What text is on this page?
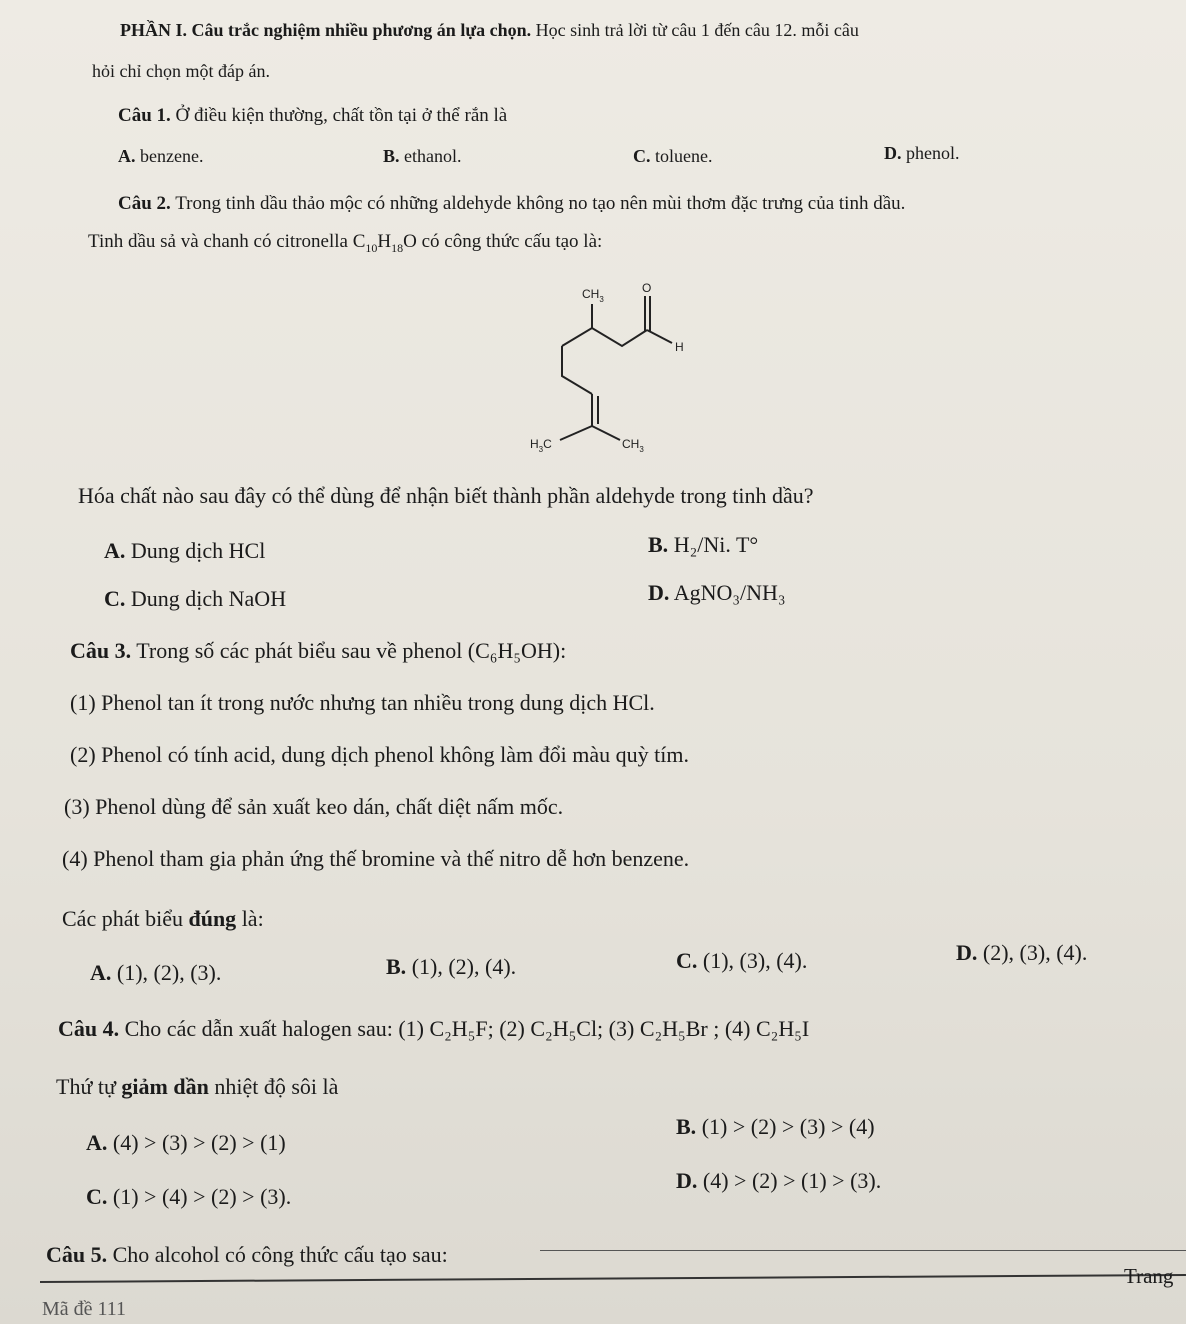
PHẦN I. Câu trắc nghiệm nhiều phương án lựa chọn. Học sinh trả lời từ câu 1 đến câu 12. mỗi câu
hỏi chỉ chọn một đáp án.
Câu 1. Ở điều kiện thường, chất tồn tại ở thể rắn là
A. benzene.	B. ethanol.	C. toluene.	D. phenol.
Câu 2. Trong tinh dầu thảo mộc có những aldehyde không no tạo nên mùi thơm đặc trưng của tinh dầu.
Tinh dầu sả và chanh có citronella $C_{10}H_{18}O$ có công thức cấu tạo là:
$CH_3$
O
H
$H_3C$	$CH_3$
Hóa chất nào sau đây có thể dùng để nhận biết thành phần aldehyde trong tinh dầu?
A. Dung dịch HCl	B. H₂/Ni. T°
C. Dung dịch NaOH	D. AgNO₃/NH₃
Câu 3. Trong số các phát biểu sau về phenol (C₆H₅OH):
(1) Phenol tan ít trong nước nhưng tan nhiều trong dung dịch HCl.
(2) Phenol có tính acid, dung dịch phenol không làm đổi màu quỳ tím.
(3) Phenol dùng để sản xuất keo dán, chất diệt nấm mốc.
(4) Phenol tham gia phản ứng thế bromine và thế nitro dễ hơn benzene.
Các phát biểu đúng là:
A. (1), (2), (3).	B. (1), (2), (4).	C. (1), (3), (4).	D. (2), (3), (4).
Câu 4. Cho các dẫn xuất halogen sau: (1) C₂H₅F; (2) C₂H₅Cl; (3) C₂H₅Br ; (4) C₂H₅I
Thứ tự giảm dần nhiệt độ sôi là
A. (4) > (3) > (2) > (1)
B. (1) > (2) > (3) > (4)
C. (1) > (4) > (2) > (3).
D. (4) > (2) > (1) > (3).
Câu 5. Cho alcohol có công thức cấu tạo sau:
Trang
Mã đề 111
